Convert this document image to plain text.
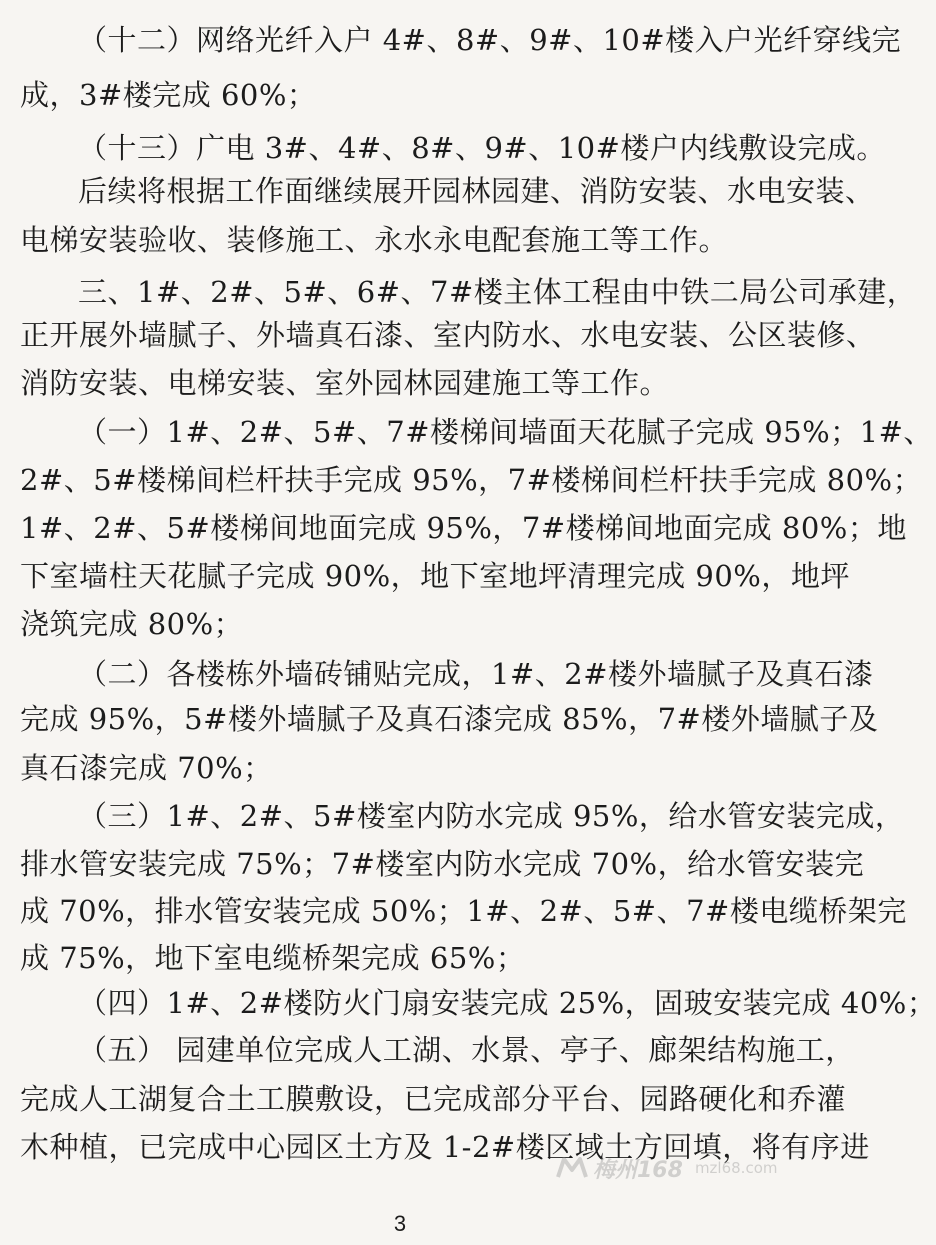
（十二）网络光纤入户 4#、8#、9#、10#楼入户光纤穿线完
成，3#楼完成 60%；
（十三）广电 3#、4#、8#、9#、10#楼户内线敷设完成。
后续将根据工作面继续展开园林园建、消防安装、水电安装、
电梯安装验收、装修施工、永水永电配套施工等工作。
三、1#、2#、5#、6#、7#楼主体工程由中铁二局公司承建，
正开展外墙腻子、外墙真石漆、室内防水、水电安装、公区装修、
消防安装、电梯安装、室外园林园建施工等工作。
（一）1#、2#、5#、7#楼梯间墙面天花腻子完成 95%；1#、
2#、5#楼梯间栏杆扶手完成 95%，7#楼梯间栏杆扶手完成 80%；
1#、2#、5#楼梯间地面完成 95%，7#楼梯间地面完成 80%；地
下室墙柱天花腻子完成 90%，地下室地坪清理完成 90%，地坪
浇筑完成 80%；
（二）各楼栋外墙砖铺贴完成，1#、2#楼外墙腻子及真石漆
完成 95%，5#楼外墙腻子及真石漆完成 85%，7#楼外墙腻子及
真石漆完成 70%；
（三）1#、2#、5#楼室内防水完成 95%，给水管安装完成，
排水管安装完成 75%；7#楼室内防水完成 70%，给水管安装完
成 70%，排水管安装完成 50%；1#、2#、5#、7#楼电缆桥架完
成 75%，地下室电缆桥架完成 65%；
（四）1#、2#楼防火门扇安装完成 25%，固玻安装完成 40%；
（五） 园建单位完成人工湖、水景、亭子、廊架结构施工，
完成人工湖复合土工膜敷设，已完成部分平台、园路硬化和乔灌
木种植，已完成中心园区土方及 1-2#楼区域土方回填，将有序进
梅州168 mzl68.com
3
